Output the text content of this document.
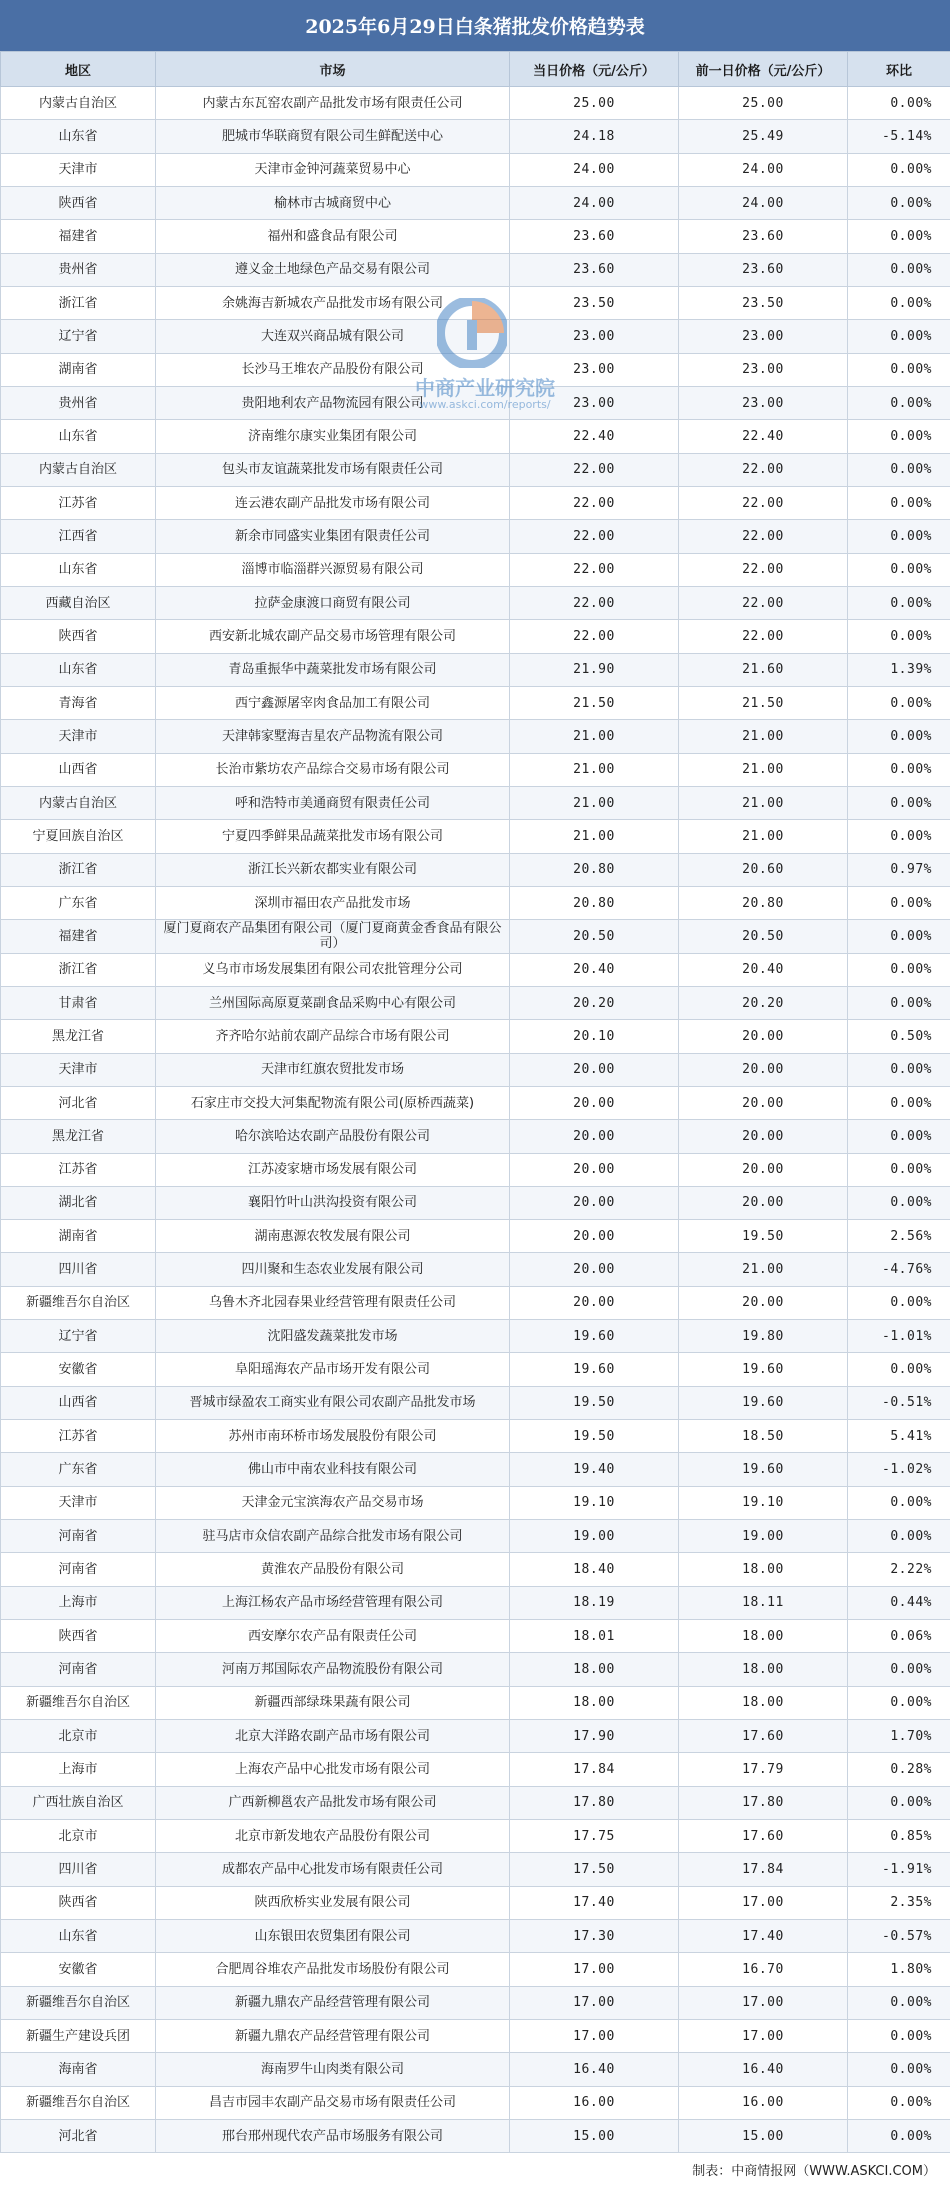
2025年6月29日白条猪批发价格趋势表
地区	市场	当日价格（元/公斤）	前一日价格（元/公斤）	环比
内蒙古自治区	内蒙古东瓦窑农副产品批发市场有限责任公司	25.00	25.00	0.00%
山东省	肥城市华联商贸有限公司生鲜配送中心	24.18	25.49	-5.14%
天津市	天津市金钟河蔬菜贸易中心	24.00	24.00	0.00%
陕西省	榆林市古城商贸中心	24.00	24.00	0.00%
福建省	福州和盛食品有限公司	23.60	23.60	0.00%
贵州省	遵义金土地绿色产品交易有限公司	23.60	23.60	0.00%
浙江省	余姚海吉新城农产品批发市场有限公司	23.50	23.50	0.00%
辽宁省	大连双兴商品城有限公司	23.00	23.00	0.00%
湖南省	长沙马王堆农产品股份有限公司	23.00	23.00	0.00%
贵州省	贵阳地利农产品物流园有限公司	23.00	23.00	0.00%
山东省	济南维尔康实业集团有限公司	22.40	22.40	0.00%
内蒙古自治区	包头市友谊蔬菜批发市场有限责任公司	22.00	22.00	0.00%
江苏省	连云港农副产品批发市场有限公司	22.00	22.00	0.00%
江西省	新余市同盛实业集团有限责任公司	22.00	22.00	0.00%
山东省	淄博市临淄群兴源贸易有限公司	22.00	22.00	0.00%
西藏自治区	拉萨金康渡口商贸有限公司	22.00	22.00	0.00%
陕西省	西安新北城农副产品交易市场管理有限公司	22.00	22.00	0.00%
山东省	青岛重振华中蔬菜批发市场有限公司	21.90	21.60	1.39%
青海省	西宁鑫源屠宰肉食品加工有限公司	21.50	21.50	0.00%
天津市	天津韩家墅海吉星农产品物流有限公司	21.00	21.00	0.00%
山西省	长治市紫坊农产品综合交易市场有限公司	21.00	21.00	0.00%
内蒙古自治区	呼和浩特市美通商贸有限责任公司	21.00	21.00	0.00%
宁夏回族自治区	宁夏四季鲜果品蔬菜批发市场有限公司	21.00	21.00	0.00%
浙江省	浙江长兴新农都实业有限公司	20.80	20.60	0.97%
广东省	深圳市福田农产品批发市场	20.80	20.80	0.00%
福建省	厦门夏商农产品集团有限公司（厦门夏商黄金香食品有限公司）	20.50	20.50	0.00%
浙江省	义乌市市场发展集团有限公司农批管理分公司	20.40	20.40	0.00%
甘肃省	兰州国际高原夏菜副食品采购中心有限公司	20.20	20.20	0.00%
黑龙江省	齐齐哈尔站前农副产品综合市场有限公司	20.10	20.00	0.50%
天津市	天津市红旗农贸批发市场	20.00	20.00	0.00%
河北省	石家庄市交投大河集配物流有限公司(原桥西蔬菜)	20.00	20.00	0.00%
黑龙江省	哈尔滨哈达农副产品股份有限公司	20.00	20.00	0.00%
江苏省	江苏凌家塘市场发展有限公司	20.00	20.00	0.00%
湖北省	襄阳竹叶山洪沟投资有限公司	20.00	20.00	0.00%
湖南省	湖南惠源农牧发展有限公司	20.00	19.50	2.56%
四川省	四川聚和生态农业发展有限公司	20.00	21.00	-4.76%
新疆维吾尔自治区	乌鲁木齐北园春果业经营管理有限责任公司	20.00	20.00	0.00%
辽宁省	沈阳盛发蔬菜批发市场	19.60	19.80	-1.01%
安徽省	阜阳瑶海农产品市场开发有限公司	19.60	19.60	0.00%
山西省	晋城市绿盈农工商实业有限公司农副产品批发市场	19.50	19.60	-0.51%
江苏省	苏州市南环桥市场发展股份有限公司	19.50	18.50	5.41%
广东省	佛山市中南农业科技有限公司	19.40	19.60	-1.02%
天津市	天津金元宝滨海农产品交易市场	19.10	19.10	0.00%
河南省	驻马店市众信农副产品综合批发市场有限公司	19.00	19.00	0.00%
河南省	黄淮农产品股份有限公司	18.40	18.00	2.22%
上海市	上海江杨农产品市场经营管理有限公司	18.19	18.11	0.44%
陕西省	西安摩尔农产品有限责任公司	18.01	18.00	0.06%
河南省	河南万邦国际农产品物流股份有限公司	18.00	18.00	0.00%
新疆维吾尔自治区	新疆西部绿珠果蔬有限公司	18.00	18.00	0.00%
北京市	北京大洋路农副产品市场有限公司	17.90	17.60	1.70%
上海市	上海农产品中心批发市场有限公司	17.84	17.79	0.28%
广西壮族自治区	广西新柳邕农产品批发市场有限公司	17.80	17.80	0.00%
北京市	北京市新发地农产品股份有限公司	17.75	17.60	0.85%
四川省	成都农产品中心批发市场有限责任公司	17.50	17.84	-1.91%
陕西省	陕西欣桥实业发展有限公司	17.40	17.00	2.35%
山东省	山东银田农贸集团有限公司	17.30	17.40	-0.57%
安徽省	合肥周谷堆农产品批发市场股份有限公司	17.00	16.70	1.80%
新疆维吾尔自治区	新疆九鼎农产品经营管理有限公司	17.00	17.00	0.00%
新疆生产建设兵团	新疆九鼎农产品经营管理有限公司	17.00	17.00	0.00%
海南省	海南罗牛山肉类有限公司	16.40	16.40	0.00%
新疆维吾尔自治区	昌吉市园丰农副产品交易市场有限责任公司	16.00	16.00	0.00%
河北省	邢台邢州现代农产品市场服务有限公司	15.00	15.00	0.00%
中商产业研究院
www.askci.com/reports/
制表：中商情报网（WWW.ASKCI.COM）
